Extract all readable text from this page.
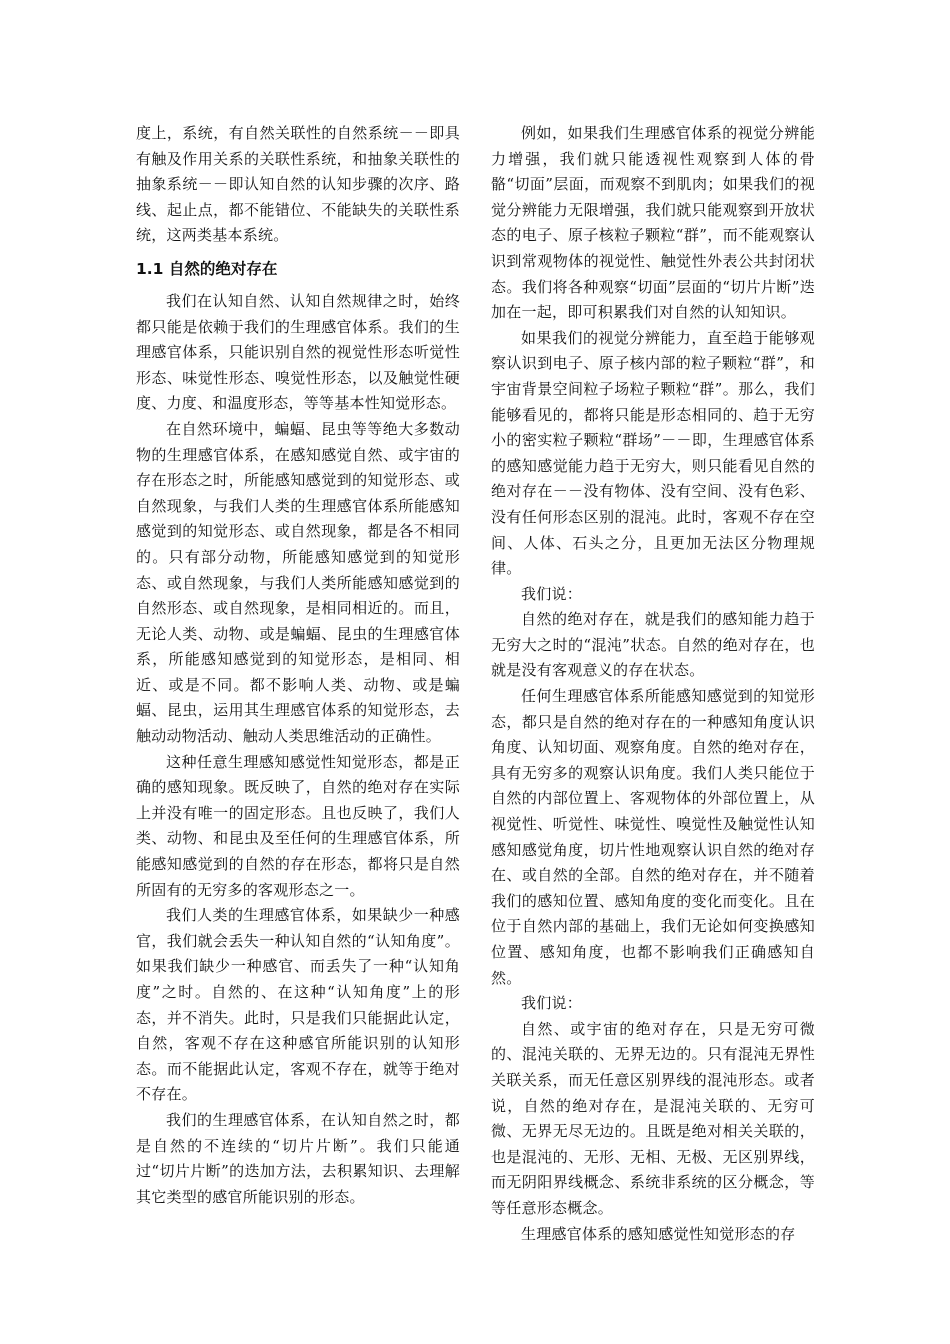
度上，系统，有自然关联性的自然系统－－即具有触及作用关系的关联性系统，和抽象关联性的抽象系统－－即认知自然的认知步骤的次序、路线、起止点，都不能错位、不能缺失的关联性系统，这两类基本系统。

1.1 自然的绝对存在

我们在认知自然、认知自然规律之时，始终都只能是依赖于我们的生理感官体系。我们的生理感官体系，只能识别自然的视觉性形态听觉性形态、味觉性形态、嗅觉性形态，以及触觉性硬度、力度、和温度形态，等等基本性知觉形态。

在自然环境中，蝙蝠、昆虫等等绝大多数动物的生理感官体系，在感知感觉自然、或宇宙的存在形态之时，所能感知感觉到的知觉形态、或自然现象，与我们人类的生理感官体系所能感知感觉到的知觉形态、或自然现象，都是各不相同的。只有部分动物，所能感知感觉到的知觉形态、或自然现象，与我们人类所能感知感觉到的自然形态、或自然现象，是相同相近的。而且，无论人类、动物、或是蝙蝠、昆虫的生理感官体系，所能感知感觉到的知觉形态，是相同、相近、或是不同。都不影响人类、动物、或是蝙蝠、昆虫，运用其生理感官体系的知觉形态，去触动动物活动、触动人类思维活动的正确性。

这种任意生理感知感觉性知觉形态，都是正确的感知现象。既反映了，自然的绝对存在实际上并没有唯一的固定形态。且也反映了，我们人类、动物、和昆虫及至任何的生理感官体系，所能感知感觉到的自然的存在形态，都将只是自然所固有的无穷多的客观形态之一。

我们人类的生理感官体系，如果缺少一种感官，我们就会丢失一种认知自然的“认知角度”。如果我们缺少一种感官、而丢失了一种“认知角度”之时。自然的、在这种“认知角度”上的形态，并不消失。此时，只是我们只能据此认定，自然，客观不存在这种感官所能识别的认知形态。而不能据此认定，客观不存在，就等于绝对不存在。

我们的生理感官体系，在认知自然之时，都是自然的不连续的“切片片断”。我们只能通过“切片片断”的迭加方法，去积累知识、去理解其它类型的感官所能识别的形态。

例如，如果我们生理感官体系的视觉分辨能力增强，我们就只能透视性观察到人体的骨骼“切面”层面，而观察不到肌肉；如果我们的视觉分辨能力无限增强，我们就只能观察到开放状态的电子、原子核粒子颗粒“群”，而不能观察认识到常观物体的视觉性、触觉性外表公共封闭状态。我们将各种观察“切面”层面的“切片片断”迭加在一起，即可积累我们对自然的认知知识。

如果我们的视觉分辨能力，直至趋于能够观察认识到电子、原子核内部的粒子颗粒“群”，和宇宙背景空间粒子场粒子颗粒“群”。那么，我们能够看见的，都将只能是形态相同的、趋于无穷小的密实粒子颗粒“群场”－－即，生理感官体系的感知感觉能力趋于无穷大，则只能看见自然的绝对存在－－没有物体、没有空间、没有色彩、没有任何形态区别的混沌。此时，客观不存在空间、人体、石头之分，且更加无法区分物理规律。

我们说：

自然的绝对存在，就是我们的感知能力趋于无穷大之时的“混沌”状态。自然的绝对存在，也就是没有客观意义的存在状态。

任何生理感官体系所能感知感觉到的知觉形态，都只是自然的绝对存在的一种感知角度认识角度、认知切面、观察角度。自然的绝对存在，具有无穷多的观察认识角度。我们人类只能位于自然的内部位置上、客观物体的外部位置上，从视觉性、听觉性、味觉性、嗅觉性及触觉性认知感知感觉角度，切片性地观察认识自然的绝对存在、或自然的全部。自然的绝对存在，并不随着我们的感知位置、感知角度的变化而变化。且在位于自然内部的基础上，我们无论如何变换感知位置、感知角度，也都不影响我们正确感知自然。

我们说：

自然、或宇宙的绝对存在，只是无穷可微的、混沌关联的、无界无边的。只有混沌无界性关联关系，而无任意区别界线的混沌形态。或者说，自然的绝对存在，是混沌关联的、无穷可微、无界无尽无边的。且既是绝对相关关联的，也是混沌的、无形、无相、无极、无区别界线，而无阴阳界线概念、系统非系统的区分概念，等等任意形态概念。

生理感官体系的感知感觉性知觉形态的存
